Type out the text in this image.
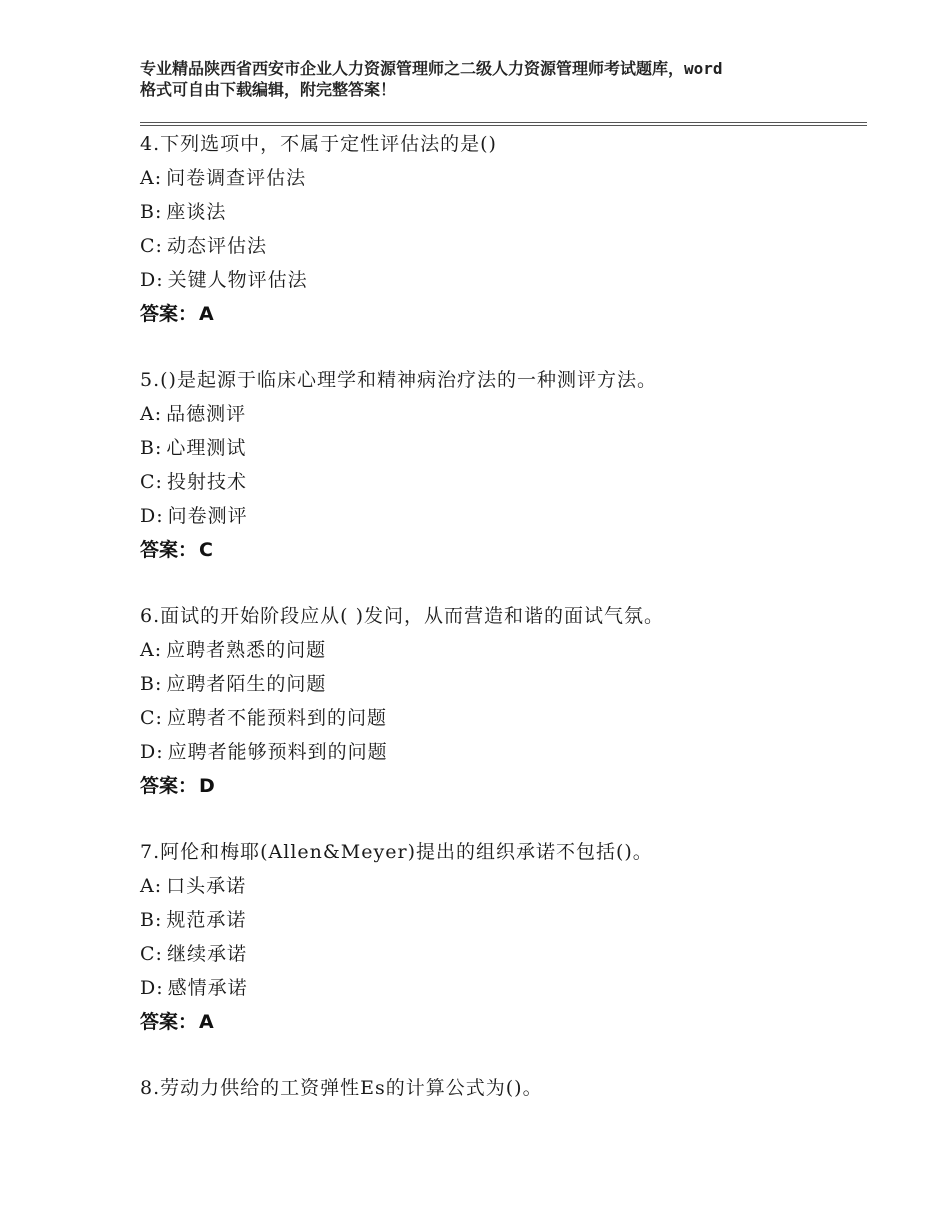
专业精品陕西省西安市企业人力资源管理师之二级人力资源管理师考试题库，word
格式可自由下载编辑，附完整答案！
4.下列选项中，不属于定性评估法的是()
A: 问卷调查评估法
B: 座谈法
C: 动态评估法
D: 关键人物评估法
答案： A
5.()是起源于临床心理学和精神病治疗法的一种测评方法。
A: 品德测评
B: 心理测试
C: 投射技术
D: 问卷测评
答案： C
6.面试的开始阶段应从( )发问，从而营造和谐的面试气氛。
A: 应聘者熟悉的问题
B: 应聘者陌生的问题
C: 应聘者不能预料到的问题
D: 应聘者能够预料到的问题
答案： D
7.阿伦和梅耶(Allen&Meyer)提出的组织承诺不包括()。
A: 口头承诺
B: 规范承诺
C: 继续承诺
D: 感情承诺
答案： A
8.劳动力供给的工资弹性Es的计算公式为()。
